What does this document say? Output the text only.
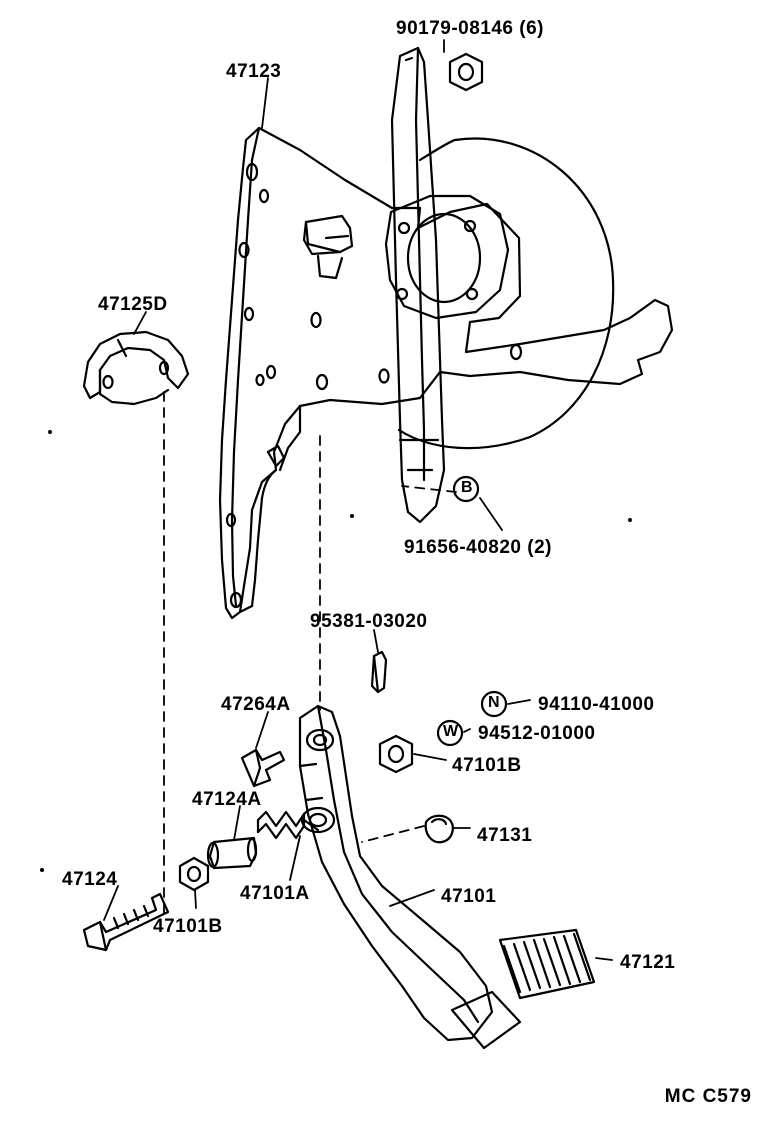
90179-08146 (6)
47123
47125D
91656-40820 (2)
95381-03020
47264A	94110-41000
94512-01000
47101B
47124A
47131
47124
47101A	47101
47101B
47121
B
N
W
MC C579
